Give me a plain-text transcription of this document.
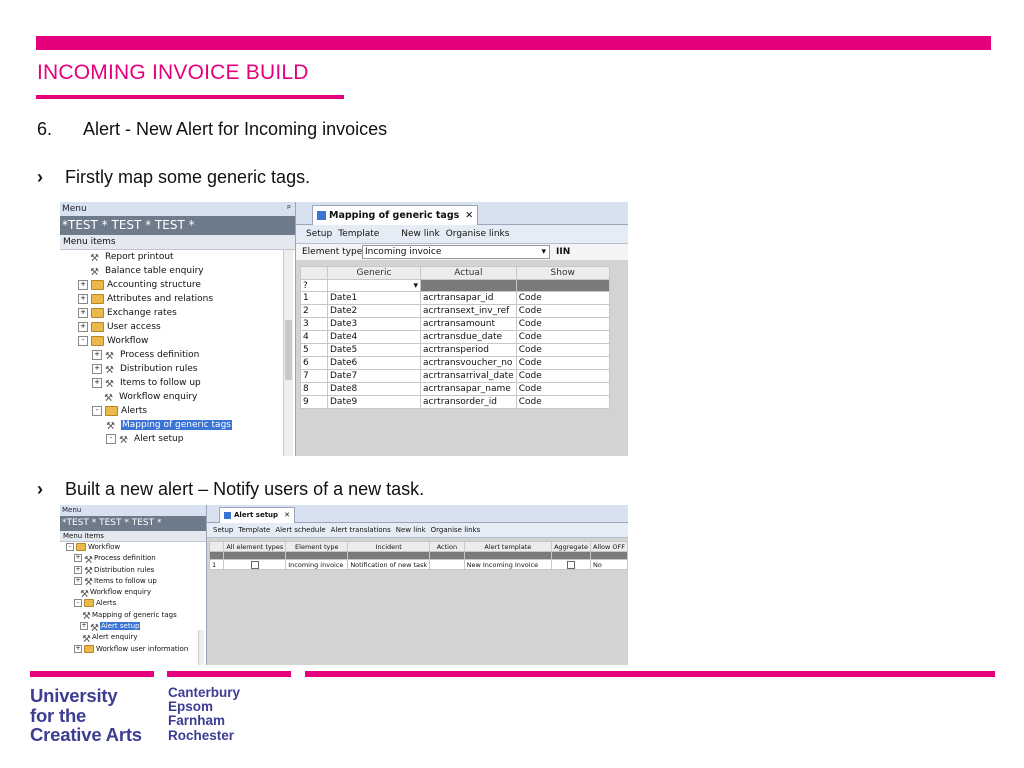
INCOMING INVOICE BUILD
6. Alert - New Alert for Incoming invoices
› Firstly map some generic tags.
Menu	ᵖ
*TEST * TEST * TEST *
Menu items
⚒ Report printout
⚒ Balance table enquiry
+ Accounting structure
+ Attributes and relations
+ Exchange rates
+ User access
-	Workflow
+ ⚒ Process definition
+ ⚒ Distribution rules
+ ⚒ Items to follow up
⚒ Workflow enquiry
-	Alerts
⚒ Mapping of generic tags
- ⚒ Alert setup
Mapping of generic tags ✕
Setup Template New link Organise links
Element type Incoming invoice	▾ IIN
	Generic	Actual	Show
?	▾		
1	Date1	acrtransapar_id	Code
2	Date2	acrtransext_inv_ref	Code
3	Date3	acrtransamount	Code
4	Date4	acrtransdue_date	Code
5	Date5	acrtransperiod	Code
6	Date6	acrtransvoucher_no	Code
7	Date7	acrtransarrival_date	Code
8	Date8	acrtransapar_name	Code
9	Date9	acrtransorder_id	Code
› Built a new alert – Notify users of a new task.
Menu
*TEST * TEST * TEST *
Menu items
- Workflow
+ ⚒Process definition
+ ⚒Distribution rules
+ ⚒Items to follow up
⚒Workflow enquiry
- Alerts
⚒Mapping of generic tags
+ ⚒ Alert setup
⚒Alert enquiry
+ Workflow user information
Alert setup ✕
Setup Template Alert schedule Alert translations New link Organise links
	All element types	Element type	Incident	Action	Alert template	Aggregate	Allow OFF

1		Incoming invoice	Notification of new task		New Incoming Invoice		No
University
for the
Creative Arts
Canterbury
Epsom
Farnham
Rochester
